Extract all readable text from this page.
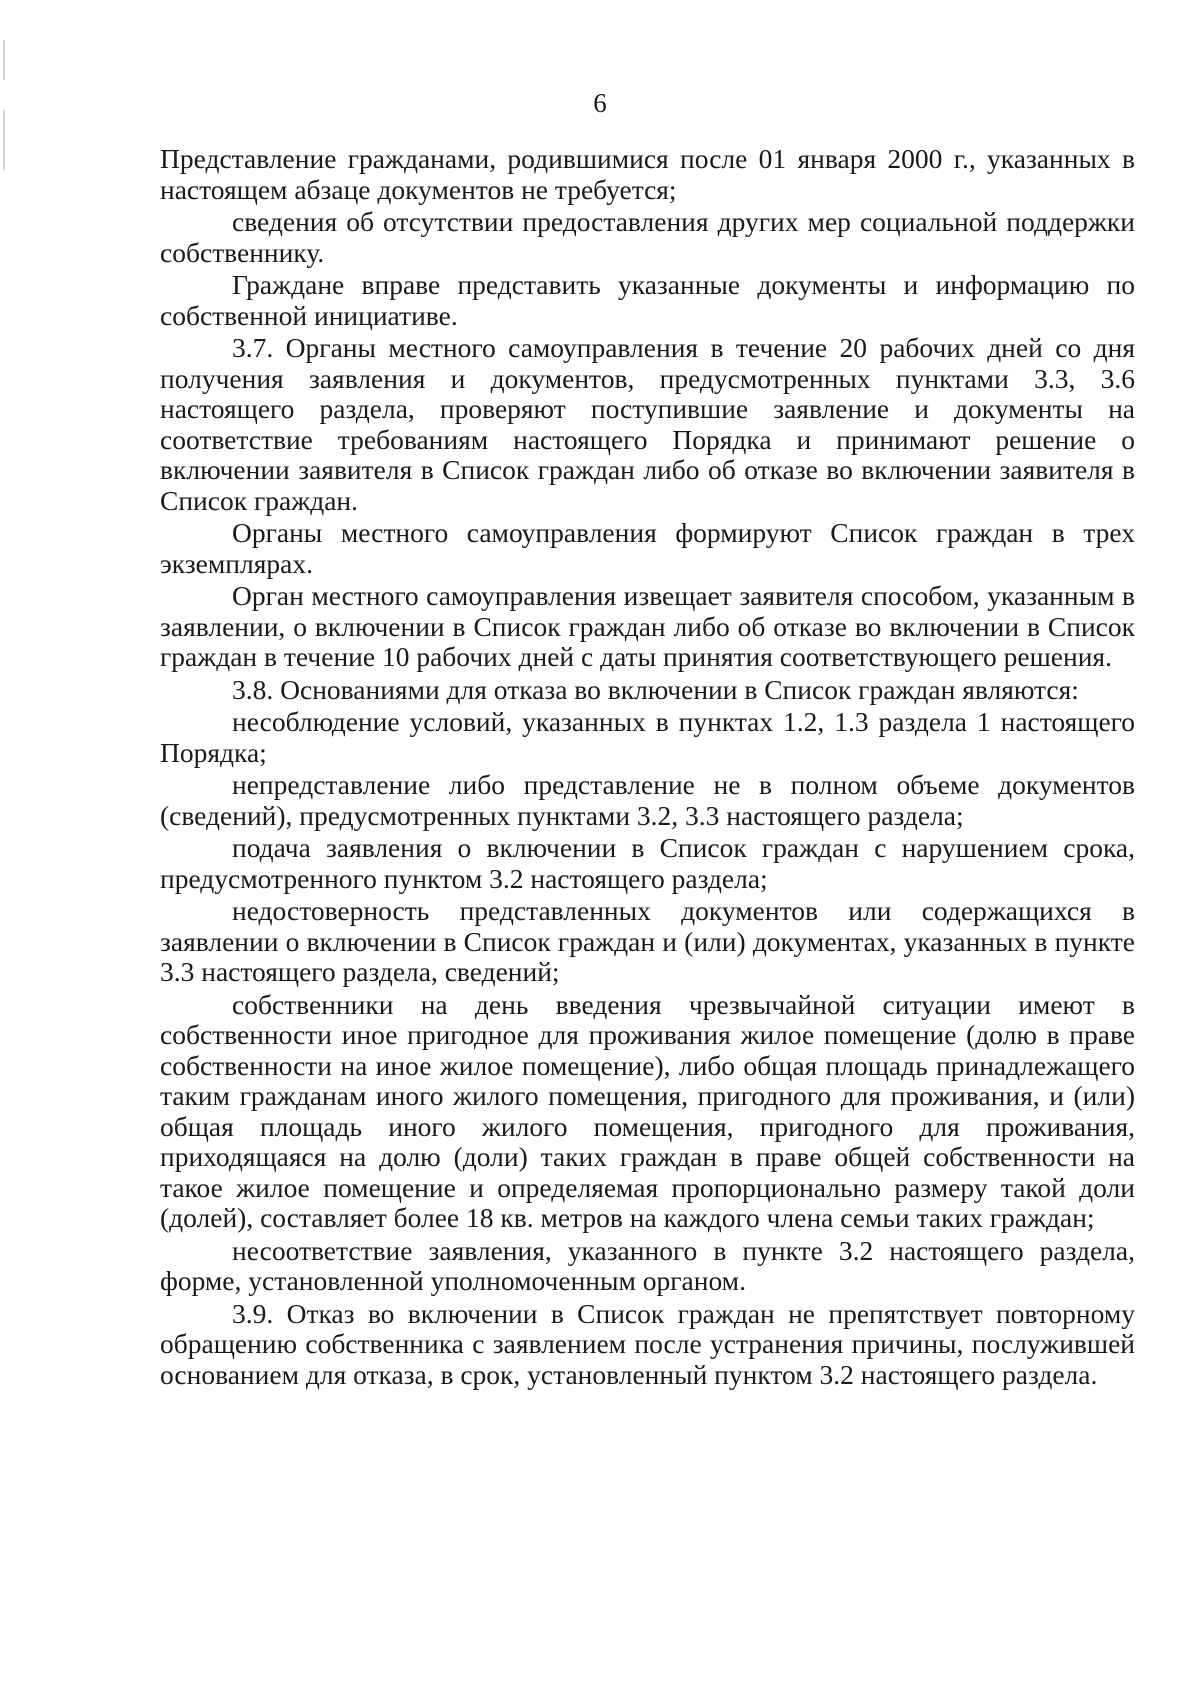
6

Представление гражданами, родившимися после 01 января 2000 г., указанных в настоящем абзаце документов не требуется;

сведения об отсутствии предоставления других мер социальной поддержки собственнику.

Граждане вправе представить указанные документы и информацию по собственной инициативе.

3.7. Органы местного самоуправления в течение 20 рабочих дней со дня получения заявления и документов, предусмотренных пунктами 3.3, 3.6 настоящего раздела, проверяют поступившие заявление и документы на соответствие требованиям настоящего Порядка и принимают решение о включении заявителя в Список граждан либо об отказе во включении заявителя в Список граждан.

Органы местного самоуправления формируют Список граждан в трех экземплярах.

Орган местного самоуправления извещает заявителя способом, указанным в заявлении, о включении в Список граждан либо об отказе во включении в Список граждан в течение 10 рабочих дней с даты принятия соответствующего решения.

3.8. Основаниями для отказа во включении в Список граждан являются:

несоблюдение условий, указанных в пунктах 1.2, 1.3 раздела 1 настоящего Порядка;

непредставление либо представление не в полном объеме документов (сведений), предусмотренных пунктами 3.2, 3.3 настоящего раздела;

подача заявления о включении в Список граждан с нарушением срока, предусмотренного пунктом 3.2 настоящего раздела;

недостоверность представленных документов или содержащихся в заявлении о включении в Список граждан и (или) документах, указанных в пункте 3.3 настоящего раздела, сведений;

собственники на день введения чрезвычайной ситуации имеют в собственности иное пригодное для проживания жилое помещение (долю в праве собственности на иное жилое помещение), либо общая площадь принадлежащего таким гражданам иного жилого помещения, пригодного для проживания, и (или) общая площадь иного жилого помещения, пригодного для проживания, приходящаяся на долю (доли) таких граждан в праве общей собственности на такое жилое помещение и определяемая пропорционально размеру такой доли (долей), составляет более 18 кв. метров на каждого члена семьи таких граждан;

несоответствие заявления, указанного в пункте 3.2 настоящего раздела, форме, установленной уполномоченным органом.

3.9. Отказ во включении в Список граждан не препятствует повторному обращению собственника с заявлением после устранения причины, послужившей основанием для отказа, в срок, установленный пунктом 3.2 настоящего раздела.
